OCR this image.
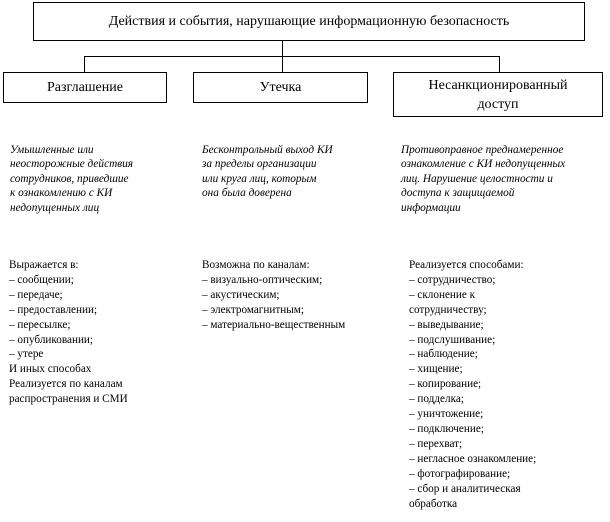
Действия и события, нарушающие информационную безопасность
Разглашение	Утечка	Несанкционированный
доступ
Умышленные или
неосторожные действия
сотрудников, приведшие
к ознакомлению с КИ
недопущенных лиц
Бесконтрольный выход КИ
за пределы организации
или круга лиц, которым
она была доверена
Противоправное преднамеренное
ознакомление с КИ недопущенных
лиц. Нарушение целостности и
доступа к защищаемой
информации
Выражается в:
– сообщении;
– передаче;
– предоставлении;
– пересылке;
– опубликовании;
– утере
И иных способах
Реализуется по каналам
распространения и СМИ
Возможна по каналам:
– визуально-оптическим;
– акустическим;
– электромагнитным;
– материально-вещественным
Реализуется способами:
– сотрудничество;
– склонение к
сотрудничеству;
– выведывание;
– подслушивание;
– наблюдение;
– хищение;
– копирование;
– подделка;
– уничтожение;
– подключение;
– перехват;
– негласное ознакомление;
– фотографирование;
– сбор и аналитическая
обработка
